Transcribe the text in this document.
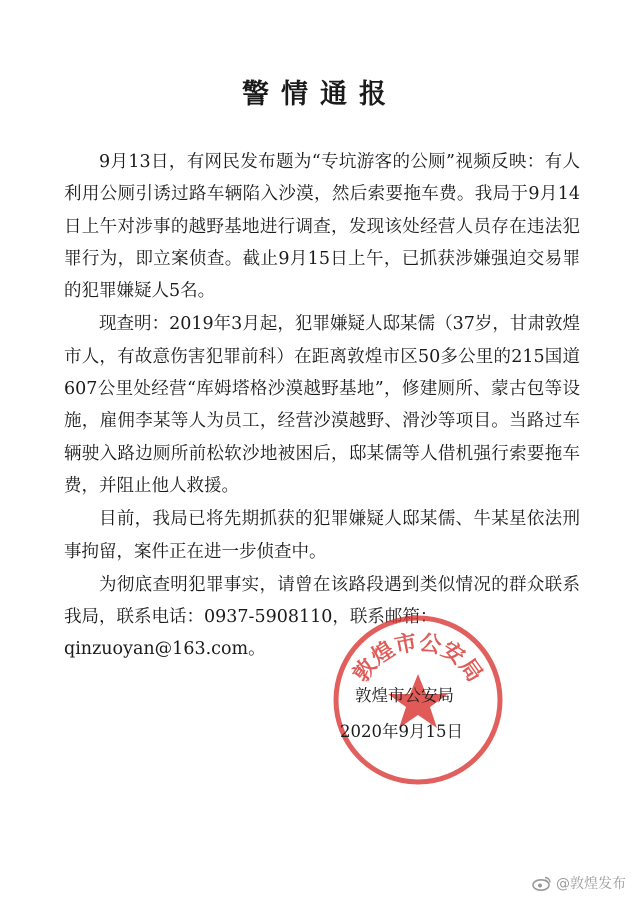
警情通报

9月13日，有网民发布题为“专坑游客的公厕”视频反映：有人利用公厕引诱过路车辆陷入沙漠，然后索要拖车费。我局于9月14日上午对涉事的越野基地进行调查，发现该处经营人员存在违法犯罪行为，即立案侦查。截止9月15日上午，已抓获涉嫌强迫交易罪的犯罪嫌疑人5名。

现查明：2019年3月起，犯罪嫌疑人邸某儒（37岁，甘肃敦煌市人，有故意伤害犯罪前科）在距离敦煌市区50多公里的215国道607公里处经营“库姆塔格沙漠越野基地”，修建厕所、蒙古包等设施，雇佣李某等人为员工，经营沙漠越野、滑沙等项目。当路过车辆驶入路边厕所前松软沙地被困后，邸某儒等人借机强行索要拖车费，并阻止他人救援。

目前，我局已将先期抓获的犯罪嫌疑人邸某儒、牛某星依法刑事拘留，案件正在进一步侦查中。

为彻底查明犯罪事实，请曾在该路段遇到类似情况的群众联系我局，联系电话：0937-5908110，联系邮箱：

qinzuoyan@163.com。

敦煌市公安局

敦煌市公安局

2020年9月15日

@敦煌发布
